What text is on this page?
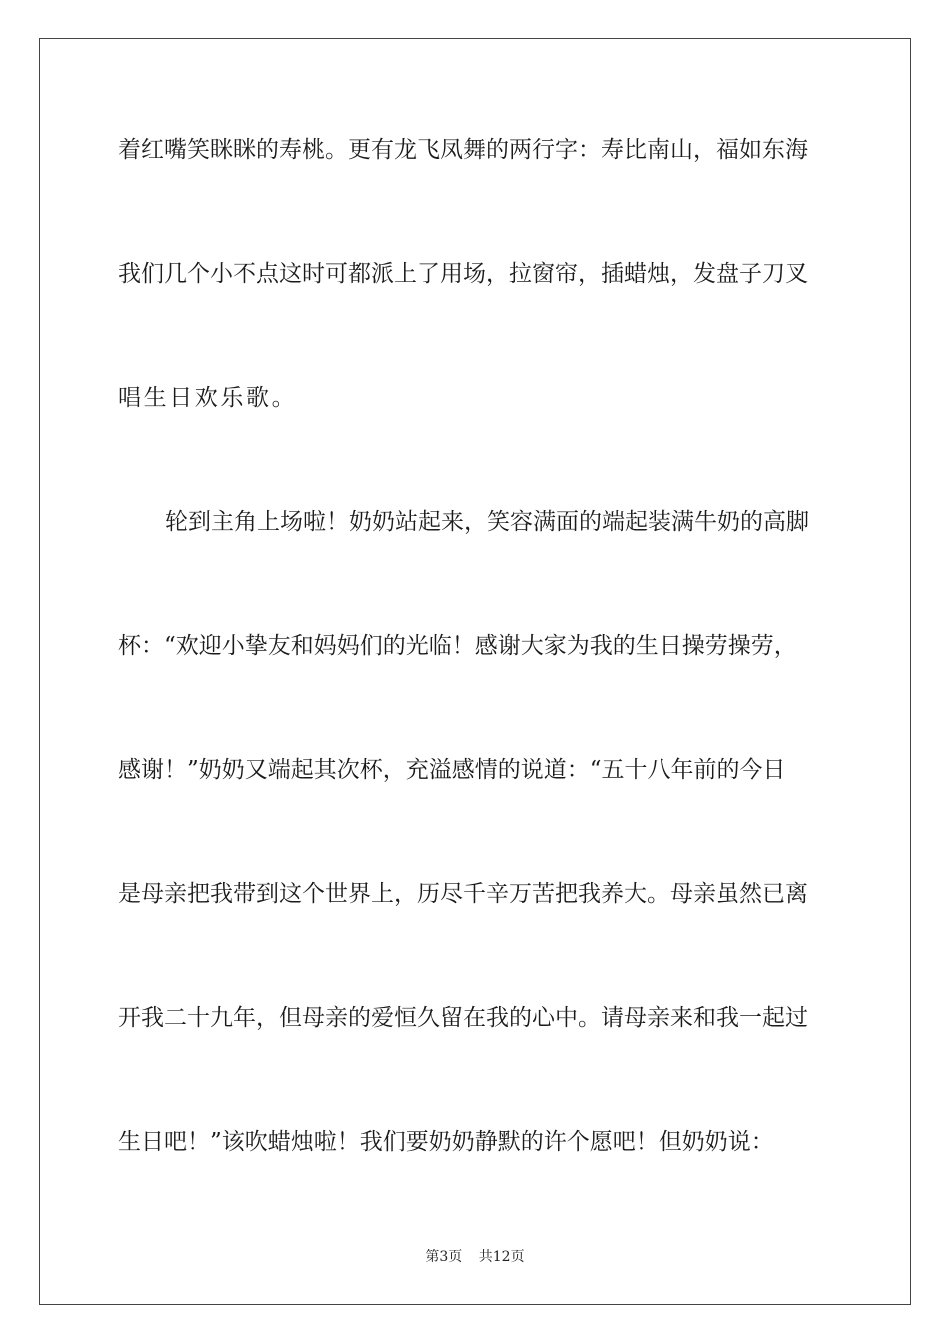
着红嘴笑眯眯的寿桃。更有龙飞凤舞的两行字：寿比南山，福如东海
我们几个小不点这时可都派上了用场，拉窗帘，插蜡烛，发盘子刀叉
唱生日欢乐歌。
轮到主角上场啦！奶奶站起来，笑容满面的端起装满牛奶的高脚
杯：“欢迎小挚友和妈妈们的光临！感谢大家为我的生日操劳操劳，
感谢！”奶奶又端起其次杯，充溢感情的说道：“五十八年前的今日
是母亲把我带到这个世界上，历尽千辛万苦把我养大。母亲虽然已离
开我二十九年，但母亲的爱恒久留在我的心中。请母亲来和我一起过
生日吧！”该吹蜡烛啦！我们要奶奶静默的许个愿吧！但奶奶说：
第3页 共12页
